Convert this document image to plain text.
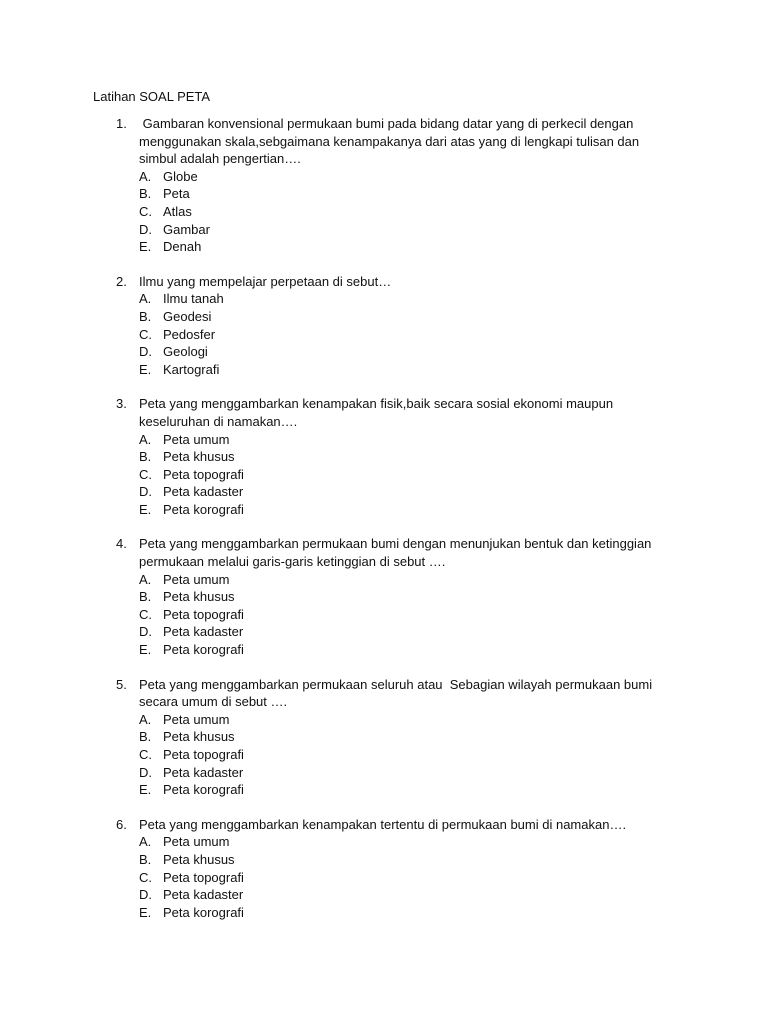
Latihan SOAL PETA
1. Gambaran konvensional permukaan bumi pada bidang datar yang di perkecil dengan menggunakan skala,sebgaimana kenampakanya dari atas yang di lengkapi tulisan dan simbul adalah pengertian….
A. Globe
B. Peta
C. Atlas
D. Gambar
E. Denah
2. Ilmu yang mempelajar perpetaan di sebut…
A. Ilmu tanah
B. Geodesi
C. Pedosfer
D. Geologi
E. Kartografi
3. Peta yang menggambarkan kenampakan fisik,baik secara sosial ekonomi maupun keseluruhan di namakan….
A. Peta umum
B. Peta khusus
C. Peta topografi
D. Peta kadaster
E. Peta korografi
4. Peta yang menggambarkan permukaan bumi dengan menunjukan bentuk dan ketinggian permukaan melalui garis-garis ketinggian di sebut ….
A. Peta umum
B. Peta khusus
C. Peta topografi
D. Peta kadaster
E. Peta korografi
5. Peta yang menggambarkan permukaan seluruh atau  Sebagian wilayah permukaan bumi secara umum di sebut ….
A. Peta umum
B. Peta khusus
C. Peta topografi
D. Peta kadaster
E. Peta korografi
6. Peta yang menggambarkan kenampakan tertentu di permukaan bumi di namakan….
A. Peta umum
B. Peta khusus
C. Peta topografi
D. Peta kadaster
E. Peta korografi
